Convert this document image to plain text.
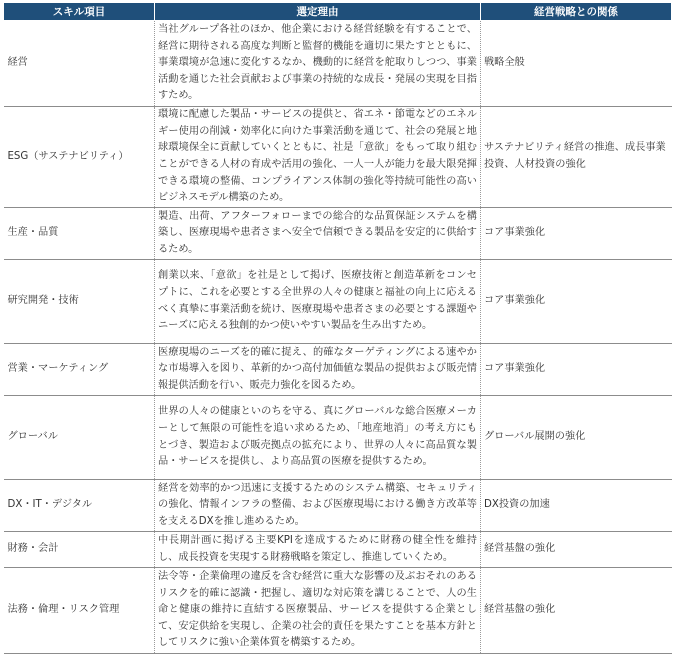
スキル項目	選定理由	経営戦略との関係
経営	当社グループ各社のほか、他企業における経営経験を有することで、経営に期待される高度な判断と監督的機能を適切に果たすとともに、事業環境が急速に変化するなか、機動的に経営を舵取りしつつ、事業活動を通じた社会貢献および事業の持続的な成長・発展の実現を目指すため。	戦略全般
ESG（サステナビリティ）	環境に配慮した製品・サービスの提供と、省エネ・節電などのエネルギー使用の削減・効率化に向けた事業活動を通じて、社会の発展と地球環境保全に貢献していくとともに、社是「意欲」をもって取り組むことができる人材の育成や活用の強化、一人一人が能力を最大限発揮できる環境の整備、コンプライアンス体制の強化等持続可能性の高いビジネスモデル構築のため。	サステナビリティ経営の推進、成長事業投資、人材投資の強化
生産・品質	製造、出荷、アフターフォローまでの総合的な品質保証システムを構築し、医療現場や患者さまへ安全で信頼できる製品を安定的に供給するため。	コア事業強化
研究開発・技術	創業以来、「意欲」を社是として掲げ、医療技術と創造革新をコンセプトに、これを必要とする全世界の人々の健康と福祉の向上に応えるべく真摯に事業活動を続け、医療現場や患者さまの必要とする課題やニーズに応える独創的かつ使いやすい製品を生み出すため。	コア事業強化
営業・マーケティング	医療現場のニーズを的確に捉え、的確なターゲティングによる速やかな市場導入を図り、革新的かつ高付加価値な製品の提供および販売情報提供活動を行い、販売力強化を図るため。	コア事業強化
グローバル	世界の人々の健康といのちを守る、真にグローバルな総合医療メーカーとして無限の可能性を追い求めるため、「地産地消」の考え方にもとづき、製造および販売拠点の拡充により、世界の人々に高品質な製品・サービスを提供し、より高品質の医療を提供するため。	グローバル展開の強化
DX・IT・デジタル	経営を効率的かつ迅速に支援するためのシステム構築、セキュリティの強化、情報インフラの整備、および医療現場における働き方改革等を支えるDXを推し進めるため。	DX投資の加速
財務・会計	中長期計画に掲げる主要KPIを達成するために財務の健全性を維持し、成長投資を実現する財務戦略を策定し、推進していくため。	経営基盤の強化
法務・倫理・リスク管理	法令等・企業倫理の違反を含む経営に重大な影響の及ぶおそれのあるリスクを的確に認識・把握し、適切な対応策を講じることで、人の生命と健康の維持に直結する医療製品、サービスを提供する企業として、安定供給を実現し、企業の社会的責任を果たすことを基本方針としてリスクに強い企業体質を構築するため。	経営基盤の強化
